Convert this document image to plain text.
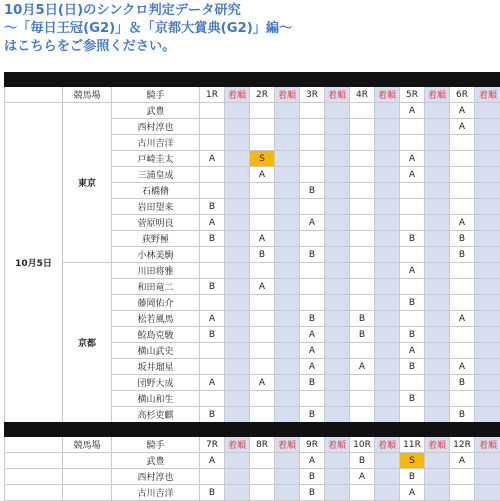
10月5日(日)のシンクロ判定データ研究
〜「毎日王冠(G2)」＆「京都大賞典(G2)」編〜
はこちらをご参照ください。

	競馬場	騎手	1R	着順	2R	着順	3R	着順	4R	着順	5R	着順	6R	着順
10月5日	東京	武豊									A		A	
		西村淳也											A	
		古川吉洋												
		戸崎圭太	A		S						A			
		三浦皇成			A						A			
		石橋脩					B							
		岩田望来	B											
		菅原明良	A				A						A	
		荻野極	B		A						B		B	
		小林美駒			B		B						B	
	京都	川田将雅									A			
		和田竜二	B		A									
		藤岡佑介									B			
		松若風馬	A				B		B				A	
		鮫島克駿	B				A		B		B			
		横山武史					A				A			
		坂井瑠星					A		A		B		A	
		団野大成	A		A		B						B	
		横山和生									B			
		高杉吏麒	B				B						B	

	競馬場	騎手	7R	着順	8R	着順	9R	着順	10R	着順	11R	着順	12R	着順
		武豊	A				A		B		S		A	
		西村淳也					B		A		B			
		古川吉洋	B				B				A			
